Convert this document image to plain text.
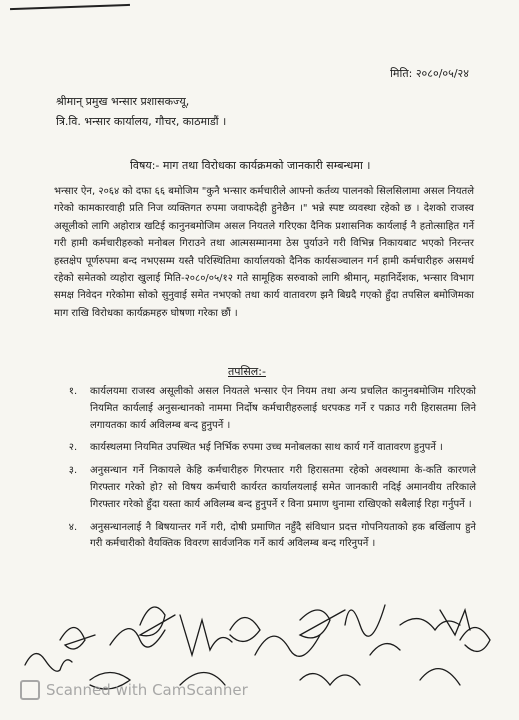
मिति: २०८०/०५/२४
श्रीमान् प्रमुख भन्सार प्रशासकज्यू,
त्रि.वि. भन्सार कार्यालय, गौचर, काठमाडौं ।
विषय:- माग तथा विरोधका कार्यक्रमको जानकारी सम्बन्धमा ।
भन्सार ऐन, २०६४ को दफा ६६ बमोजिम "कुनै भन्सार कर्मचारीले आफ्नो कर्तव्य पालनको सिलसिलामा असल नियतले गरेको कामकारवाही प्रति निज व्यक्तिगत रुपमा जवाफदेही हुनेछैन ।" भन्ने स्पष्ट व्यवस्था रहेको छ । देशको राजस्व असूलीको लागि अहोरात्र खटिई कानुनबमोजिम असल नियतले गरिएका दैनिक प्रशासनिक कार्यलाई नै हतोत्साहित गर्ने गरी हामी कर्मचारीहरुको मनोबल गिराउने तथा आत्मसम्मानमा ठेस पुर्याउने गरी विभिन्न निकायबाट भएको निरन्तर हस्तक्षेप पूर्णरुपमा बन्द नभएसम्म यस्तै परिस्थितिमा कार्यालयको दैनिक कार्यसञ्चालन गर्न हामी कर्मचारीहरु असमर्थ रहेको समेतको व्यहोरा खुलाई मिति-२०८०/०५/१२ गते सामूहिक सरुवाको लागि श्रीमान्, महानिर्देशक, भन्सार विभाग समक्ष निवेदन गरेकोमा सोको सुनुवाई समेत नभएको तथा कार्य वातावरण झनै बिग्रदै गएको हुँदा तपसिल बमोजिमका माग राखि विरोधका कार्यक्रमहरु घोषणा गरेका छौं ।
तपसिल:-
१.	कार्यलयमा राजस्व असूलीको असल नियतले भन्सार ऐन नियम तथा अन्य प्रचलित कानुनबमोजिम गरिएको नियमित कार्यलाई अनुसन्धानको नाममा निर्दोष कर्मचारीहरुलाई धरपकड गर्ने र पक्राउ गरी हिरासतमा लिने लगायतका कार्य अविलम्ब बन्द हुनुपर्ने ।
२.	कार्यस्थलमा नियमित उपस्थित भई निर्भिक रुपमा उच्च मनोबलका साथ कार्य गर्ने वातावरण हुनुपर्ने ।
३.	अनुसन्धान गर्ने निकायले केहि कर्मचारीहरु गिरफ्तार गरी हिरासतमा रहेको अवस्थामा के-कति कारणले गिरफ्तार गरेको हो? सो विषय कर्मचारी कार्यरत कार्यालयलाई समेत जानकारी नदिई अमानवीय तरिकाले गिरफ्तार गरेको हुँदा यस्ता कार्य अविलम्ब बन्द हुनुपर्ने र विना प्रमाण थुनामा राखिएको सबैलाई रिहा गर्नुपर्ने ।
४.	अनुसन्धानलाई नै बिषयान्तर गर्ने गरी, दोषी प्रमाणित नहुँदै संविधान प्रदत्त गोपनियताको हक बर्खिलाप हुने गरी कर्मचारीको वैयक्तिक विवरण सार्वजनिक गर्ने कार्य अविलम्ब बन्द गरिनुपर्ने ।
Scanned with CamScanner
